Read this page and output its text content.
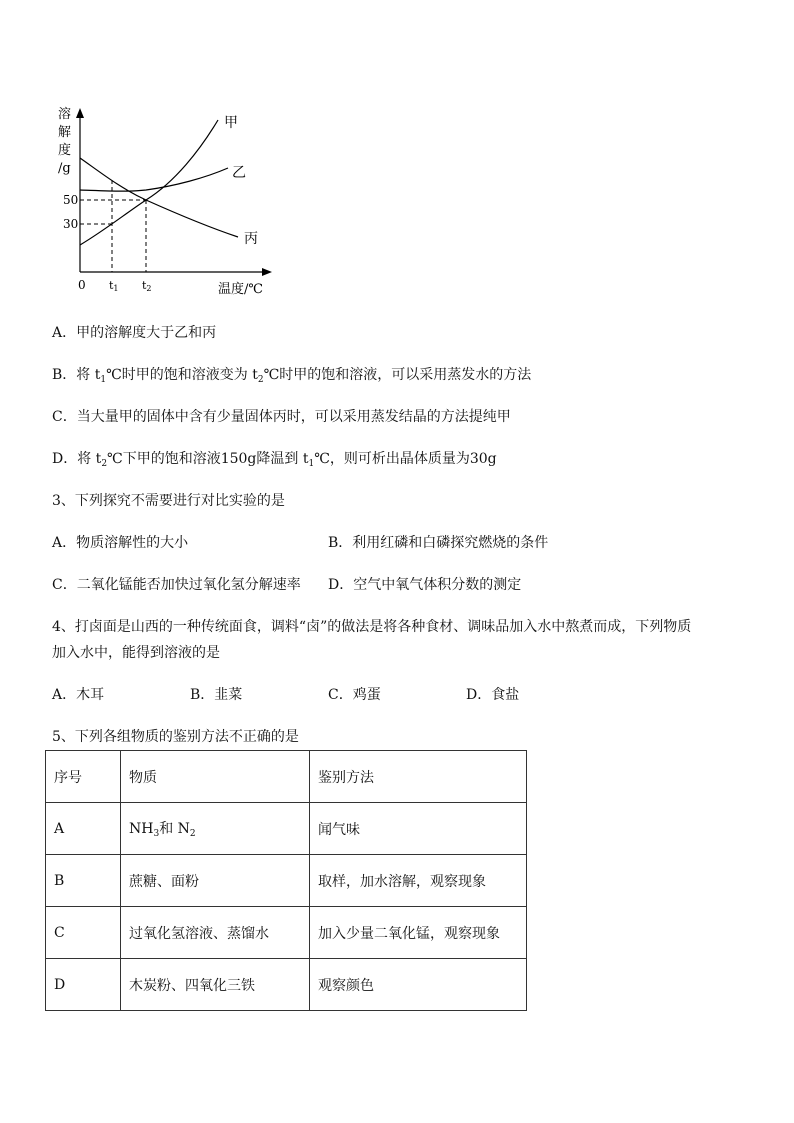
溶
解
度
/g
50
30
0 t1 t2	温度/℃
甲
乙
丙
A．甲的溶解度大于乙和丙
B．将 $t_1℃$时甲的饱和溶液变为 $t_2℃$时甲的饱和溶液，可以采用蒸发水的方法
C．当大量甲的固体中含有少量固体丙时，可以采用蒸发结晶的方法提纯甲
D．将 $t_2℃$下甲的饱和溶液150g降温到 $t_1℃$，则可析出晶体质量为30g
3、下列探究不需要进行对比实验的是
A．物质溶解性的大小	B．利用红磷和白磷探究燃烧的条件
C．二氧化锰能否加快过氧化氢分解速率 D．空气中氧气体积分数的测定
4、打卤面是山西的一种传统面食，调料“卤”的做法是将各种食材、调味品加入水中熬煮而成，下列物质
加入水中，能得到溶液的是
A．木耳	B．韭菜	C．鸡蛋	D．食盐
5、下列各组物质的鉴别方法不正确的是
序号	物质	鉴别方法
A	$NH_3$和 $N_2$	闻气味
B	蔗糖、面粉	取样，加水溶解，观察现象
C	过氧化氢溶液、蒸馏水	加入少量二氧化锰，观察现象
D	木炭粉、四氧化三铁	观察颜色
